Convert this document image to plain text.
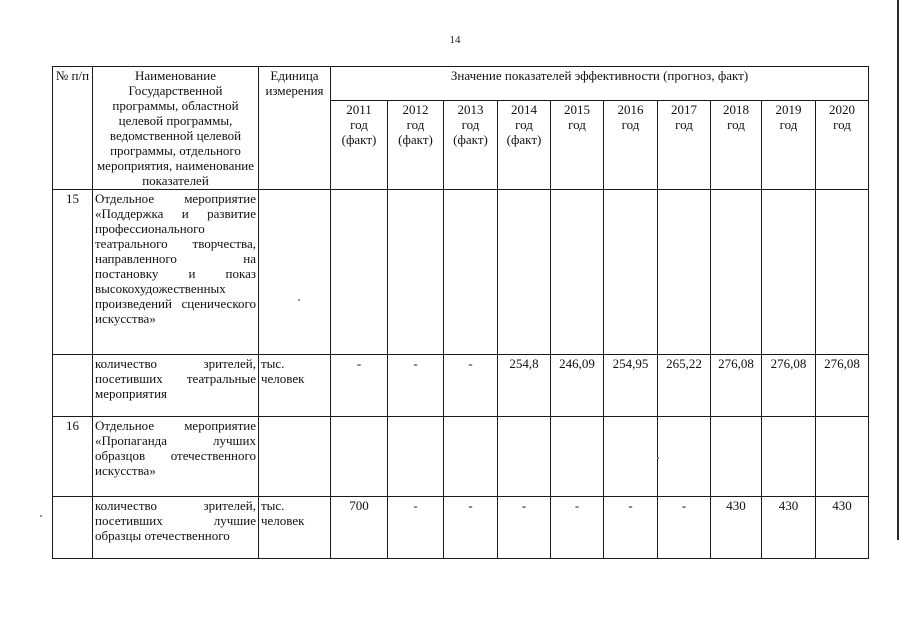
14
№ п/п	Наименование Государственной программы, областной целевой программы, ведомственной целевой программы, отдельного мероприятия, наименование показателей	Единица измерения	Значение показателей эффективности (прогноз, факт)									

			2011
год
(факт)	2012
год
(факт)	2013
год
(факт)	2014
год
(факт)	2015
год	2016
год	2017
год	2018
год	2019
год	2020
год

15	Отдельное мероприятие «Поддержка и развитие профессионального театрального творчества, направленного на постановку и показ высокохудожественных произведений сценического искусства»											
	количество зрителей, посетивших театральные мероприятия	тыс. человек	-	-	-	254,8	246,09	254,95	265,22	276,08	276,08	276,08
16	Отдельное мероприятие «Пропаганда лучших образцов отечественного искусства»											
	количество зрителей, посетивших лучшие образцы отечественного	тыс. человек	700	-	-	-	-	-	-	430	430	430
